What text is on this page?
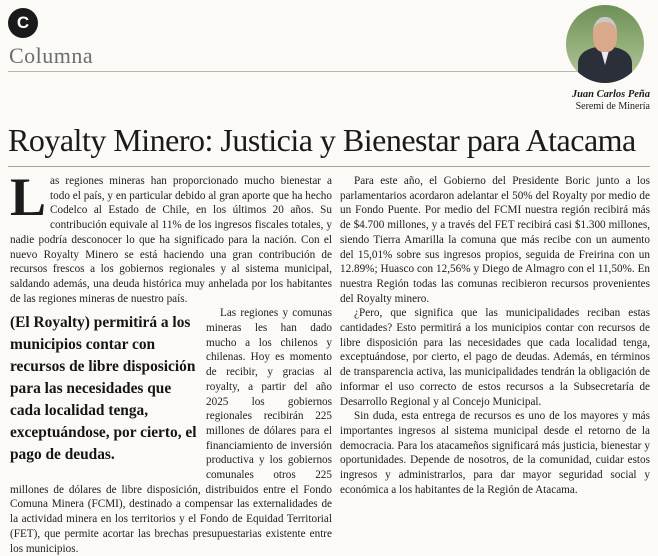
C
Columna
Juan Carlos Peña
Seremi de Minería
Royalty Minero: Justicia y Bienestar para Atacama

Las regiones mineras han proporcionado mucho bienestar a todo el país, y en particular debido al gran aporte que ha hecho Codelco al Estado de Chile, en los últimos 20 años. Su contribución equivale al 11% de los ingresos fiscales totales, y nadie podría desconocer lo que ha significado para la nación. Con el nuevo Royalty Minero se está haciendo una gran contribución de recursos frescos a los gobiernos regionales y al sistema municipal, saldando además, una deuda histórica muy anhelada por los habitantes de las regiones mineras de nuestro país.

(El Royalty) permitirá a los municipios contar con recursos de libre disposición para las necesidades que cada localidad tenga, exceptuándose, por cierto, el pago de deudas.

Las regiones y comunas mineras les han dado mucho a los chilenos y chilenas. Hoy es momento de recibir, y gracias al royalty, a partir del año 2025 los gobiernos regionales recibirán 225 millones de dólares para el financiamiento de inversión productiva y los gobiernos comunales otros 225 millones de dólares de libre disposición, distribuidos entre el Fondo Comuna Minera (FCMI), destinado a compensar las externalidades de la actividad minera en los territorios y el Fondo de Equidad Territorial (FET), que permite acortar las brechas presupuestarias existente entre los municipios.

Para este año, el Gobierno del Presidente Boric junto a los parlamentarios acordaron adelantar el 50% del Royalty por medio de un Fondo Puente. Por medio del FCMI nuestra región recibirá más de $4.700 millones, y a través del FET recibirá casi $1.300 millones, siendo Tierra Amarilla la comuna que más recibe con un aumento del 15,01% sobre sus ingresos propios, seguida de Freirina con un 12.89%; Huasco con 12,56% y Diego de Almagro con el 11,50%. En nuestra Región todas las comunas recibieron recursos provenientes del Royalty minero.

¿Pero, que significa que las municipalidades reciban estas cantidades? Esto permitirá a los municipios contar con recursos de libre disposición para las necesidades que cada localidad tenga, exceptuándose, por cierto, el pago de deudas. Además, en términos de transparencia activa, las municipalidades tendrán la obligación de informar el uso correcto de estos recursos a la Subsecretaría de Desarrollo Regional y al Concejo Municipal.

Sin duda, esta entrega de recursos es uno de los mayores y más importantes ingresos al sistema municipal desde el retorno de la democracia. Para los atacameños significará más justicia, bienestar y oportunidades. Depende de nosotros, de la comunidad, cuidar estos ingresos y administrarlos, para dar mayor seguridad social y económica a los habitantes de la Región de Atacama.
